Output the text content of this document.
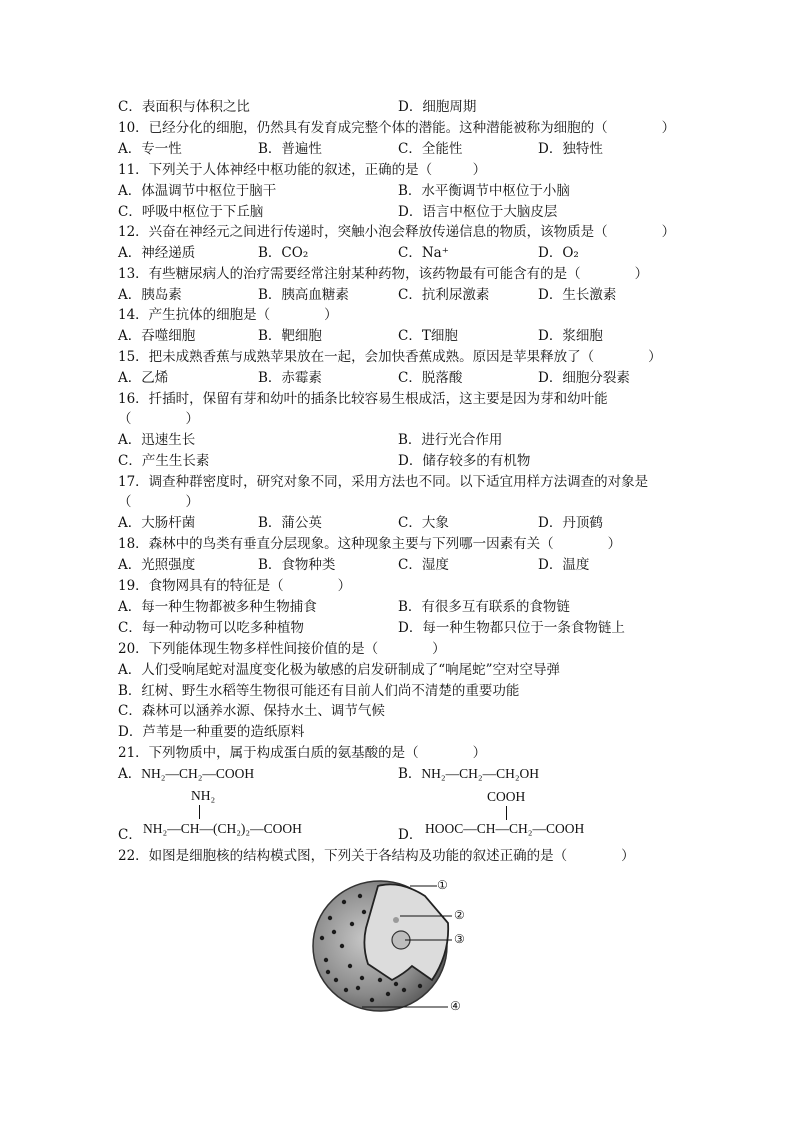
C．表面积与体积之比	D．细胞周期
10．已经分化的细胞，仍然具有发育成完整个体的潜能。这种潜能被称为细胞的（　　　　）
A．专一性	B．普遍性	C．全能性	D．独特性
11．下列关于人体神经中枢功能的叙述，正确的是（　　　）
A．体温调节中枢位于脑干	B．水平衡调节中枢位于小脑
C．呼吸中枢位于下丘脑	D．语言中枢位于大脑皮层
12．兴奋在神经元之间进行传递时，突触小泡会释放传递信息的物质，该物质是（　　　　）
A．神经递质	B．CO₂	C．Na⁺	D．O₂
13．有些糖尿病人的治疗需要经常注射某种药物，该药物最有可能含有的是（　　　　）
A．胰岛素	B．胰高血糖素	C．抗利尿激素	D．生长激素
14．产生抗体的细胞是（　　　　）
A．吞噬细胞	B．靶细胞	C．T细胞	D．浆细胞
15．把未成熟香蕉与成熟苹果放在一起，会加快香蕉成熟。原因是苹果释放了（　　　　）
A．乙烯	B．赤霉素	C．脱落酸	D．细胞分裂素
16．扦插时，保留有芽和幼叶的插条比较容易生根成活，这主要是因为芽和幼叶能
（　　　　）
A．迅速生长	B．进行光合作用
C．产生生长素	D．储存较多的有机物
17．调查种群密度时，研究对象不同，采用方法也不同。以下适宜用样方法调查的对象是
（　　　　）
A．大肠杆菌	B．蒲公英	C．大象	D．丹顶鹤
18．森林中的鸟类有垂直分层现象。这种现象主要与下列哪一因素有关（　　　　）
A．光照强度	B．食物种类	C．湿度	D．温度
19．食物网具有的特征是（　　　　）
A．每一种生物都被多种生物捕食	B．有很多互有联系的食物链
C．每一种动物可以吃多种植物	D．每一种生物都只位于一条食物链上
20．下列能体现生物多样性间接价值的是（　　　　）
A．人们受响尾蛇对温度变化极为敏感的启发研制成了“响尾蛇”空对空导弹
B．红树、野生水稻等生物很可能还有目前人们尚不清楚的重要功能
C．森林可以涵养水源、保持水土、调节气候
D．芦苇是一种重要的造纸原料
21．下列物质中，属于构成蛋白质的氨基酸的是（　　　　）
A．NH₂—CH₂—COOH	B．NH₂—CH₂—CH₂OH
NH₂
NH₂—CH—(CH₂)₂—COOH
C．
COOH
HOOC—CH—CH₂—COOH
D．
22．如图是细胞核的结构模式图，下列关于各结构及功能的叙述正确的是（　　　　）
①
②
③
④
